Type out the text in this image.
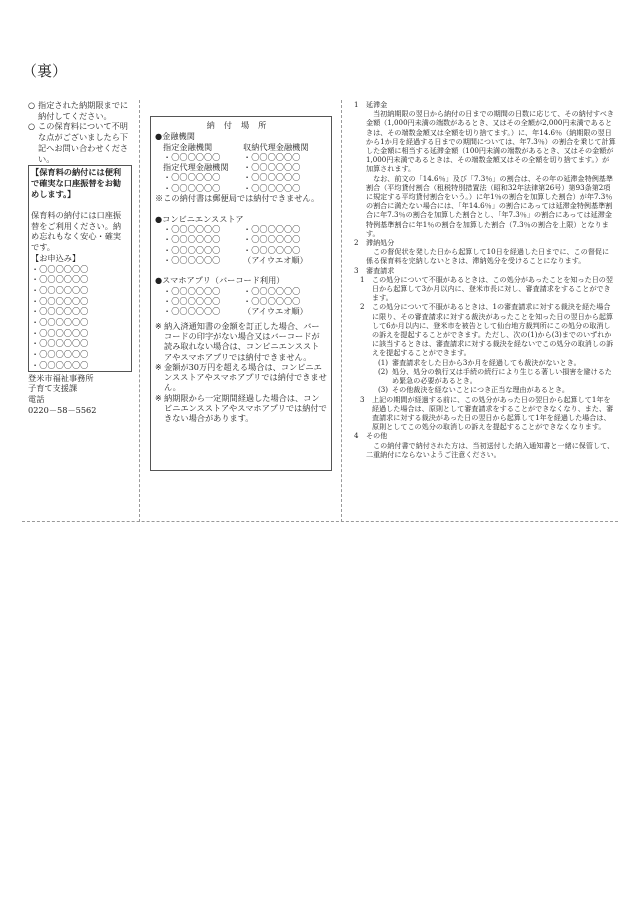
（裏）
○ 指定された納期限までに納付してください。
○ この保育料について不明な点がございましたら下記へお問い合わせください。
【保育料の納付には便利で確実な口座振替をお勧めします。】
保育料の納付には口座振替をご利用ください。納め忘れもなく安心・確実です。
【お申込み】
・〇〇〇〇〇〇
・〇〇〇〇〇〇
・〇〇〇〇〇〇
・〇〇〇〇〇〇
・〇〇〇〇〇〇
・〇〇〇〇〇〇
・〇〇〇〇〇〇
・〇〇〇〇〇〇
・〇〇〇〇〇〇
・〇〇〇〇〇〇
登米市福祉事務所
子育て支援課
電話
0220－58－5562
納付場所
● 金融機関
指定金融機関
・ 〇〇〇〇〇〇
指定代理金融機関
・ 〇〇〇〇〇〇
・ 〇〇〇〇〇〇
収納代理金融機関
・ 〇〇〇〇〇〇
・ 〇〇〇〇〇〇
・ 〇〇〇〇〇〇
・ 〇〇〇〇〇〇
※この納付書は郵便局では納付できません。
● コンビニエンスストア
・ 〇〇〇〇〇〇
・ 〇〇〇〇〇〇
・ 〇〇〇〇〇〇
・ 〇〇〇〇〇〇
・ 〇〇〇〇〇〇
・ 〇〇〇〇〇〇
・ 〇〇〇〇〇〇
（アイウエオ順）
● スマホアプリ（バーコード利用）
・ 〇〇〇〇〇〇
・ 〇〇〇〇〇〇
・ 〇〇〇〇〇〇
・ 〇〇〇〇〇〇
・ 〇〇〇〇〇〇
（アイウエオ順）
※ 納入済通知書の金額を訂正した場合、バーコードの印字がない場合又はバーコードが読み取れない場合は、コンビニエンスストアやスマホアプリでは納付できません。
※ 金額が30万円を超える場合は、コンビニエンスストアやスマホアプリでは納付できません。
※ 納期限から一定期間経過した場合は、コンビニエンスストアやスマホアプリでは納付できない場合があります。
1	延滞金

当初納期限の翌日から納付の日までの期間の日数に応じて、その納付すべき金額（1,000円未満の端数があるとき、又はその全額が2,000円未満であるときは、その端数金額又は全額を切り捨てます。）に、年14.6％（納期限の翌日から1か月を経過する日までの期間については、年7.3％）の割合を乗じて計算した金額に相当する延滞金額（100円未満の端数があるとき、又はその金額が1,000円未満であるときは、その端数金額又はその全額を切り捨てます。）が加算されます。

なお、前文の「14.6％」及び「7.3％」の割合は、その年の延滞金特例基準割合（平均貸付割合（租税特別措置法（昭和32年法律第26号）第93条第2項に規定する平均貸付割合をいう。）に年1％の割合を加算した割合）が年7.3％の割合に満たない場合には、「年14.6％」の割合にあっては延滞金特例基準割合に年7.3％の割合を加算した割合とし、「年7.3％」の割合にあっては延滞金特例基準割合に年1％の割合を加算した割合（7.3％の割合を上限）となります。

2	滞納処分

この督促状を発した日から起算して10日を経過した日までに、この督促に係る保育料を完納しないときは、滞納処分を受けることになります。

3	審査請求
1	この処分について不服があるときは、この処分があったことを知った日の翌日から起算して3か月以内に、登米市長に対し、審査請求をすることができます。
2	この処分について不服があるときは、1の審査請求に対する裁決を経た場合に限り、その審査請求に対する裁決があったことを知った日の翌日から起算して6か月以内に、登米市を被告として仙台地方裁判所にこの処分の取消しの訴えを提起することができます。ただし、次の(1)から(3)までのいずれかに該当するときは、審査請求に対する裁決を経ないでこの処分の取消しの訴えを提起することができます。
(1) 審査請求をした日から3か月を経過しても裁決がないとき。
(2) 処分、処分の執行又は手続の続行により生じる著しい損害を避けるため緊急の必要があるとき。
(3) その他裁決を経ないことにつき正当な理由があるとき。
3	上記の期間が経過する前に、この処分があった日の翌日から起算して1年を経過した場合は、原則として審査請求をすることができなくなり、また、審査請求に対する裁決があった日の翌日から起算して1年を経過した場合は、原則としてこの処分の取消しの訴えを提起することができなくなります。
4	その他

この納付書で納付された方は、当初送付した納入通知書と一緒に保管して、二重納付にならないようご注意ください。
